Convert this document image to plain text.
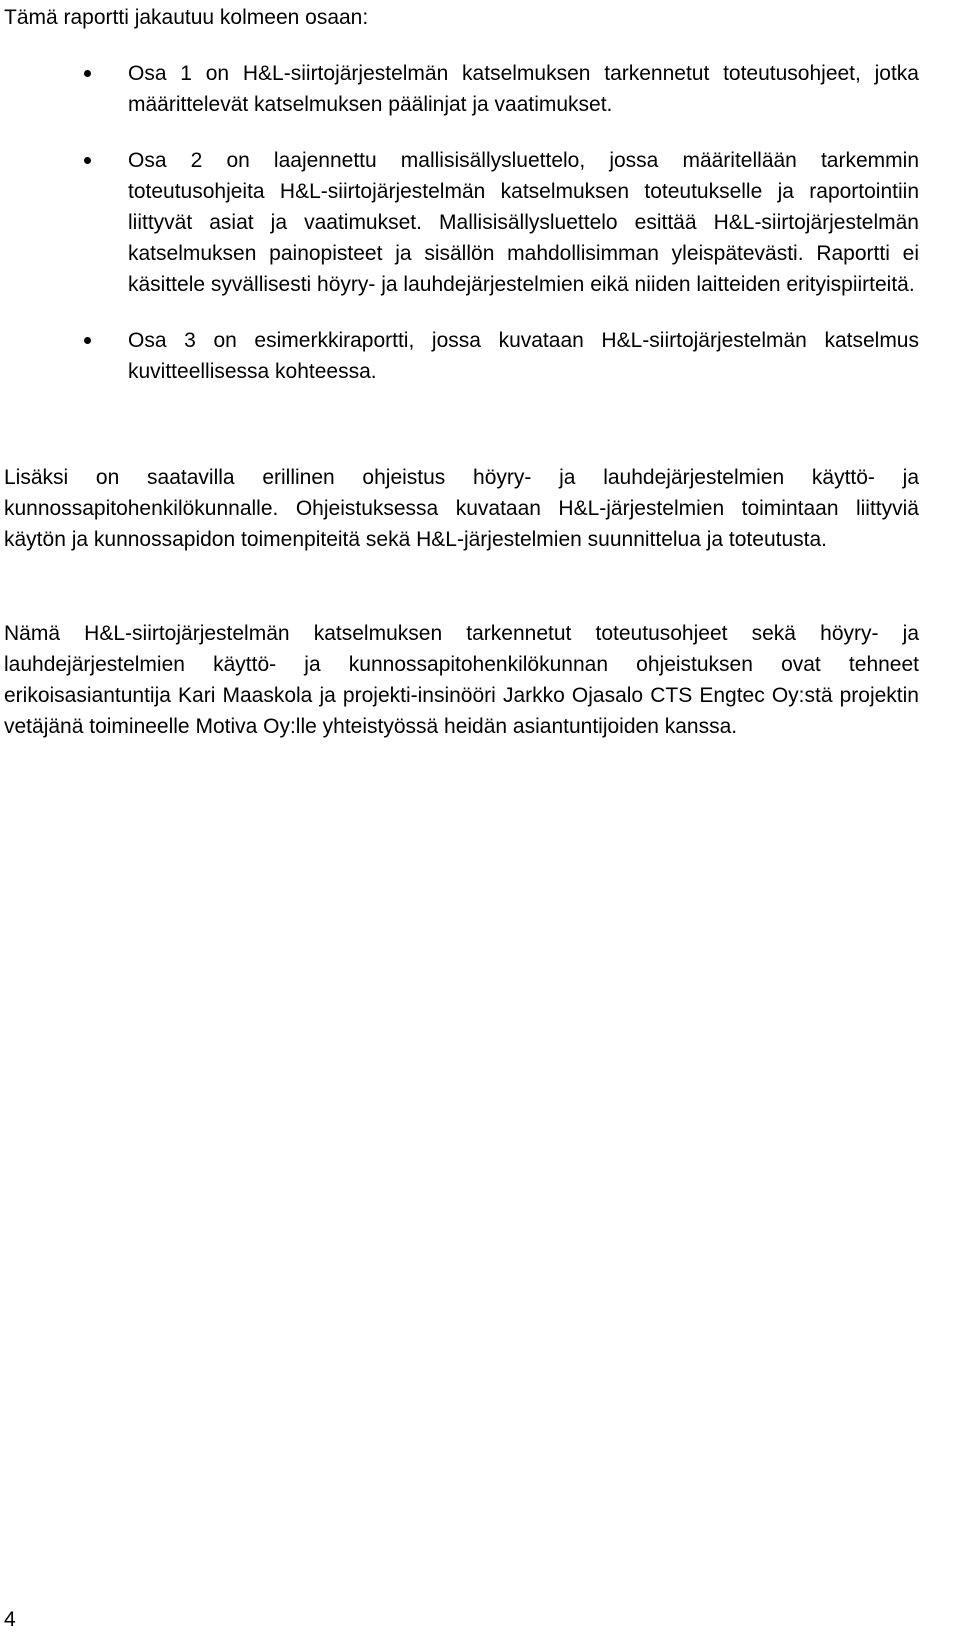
Tämä raportti jakautuu kolmeen osaan:
Osa 1 on H&L-siirtojärjestelmän katselmuksen tarkennetut toteutusohjeet, jotka määrittelevät katselmuksen päälinjat ja vaatimukset.
Osa 2 on laajennettu mallisisällysluettelo, jossa määritellään tarkemmin toteutusohjeita H&L-siirtojärjestelmän katselmuksen toteutukselle ja raportointiin liittyvät asiat ja vaatimukset. Mallisisällysluettelo esittää H&L-siirtojärjestelmän katselmuksen painopisteet ja sisällön mahdollisimman yleispätevästi. Raportti ei käsittele syvällisesti höyry- ja lauhdejärjestelmien eikä niiden laitteiden erityispiirteitä.
Osa 3 on esimerkkiraportti, jossa kuvataan H&L-siirtojärjestelmän katselmus kuvitteellisessa kohteessa.

Lisäksi on saatavilla erillinen ohjeistus höyry- ja lauhdejärjestelmien käyttö- ja kunnossapitohenkilökunnalle. Ohjeistuksessa kuvataan H&L-järjestelmien toimintaan liittyviä käytön ja kunnossapidon toimenpiteitä sekä H&L-järjestelmien suunnittelua ja toteutusta.

Nämä H&L-siirtojärjestelmän katselmuksen tarkennetut toteutusohjeet sekä höyry- ja lauhdejärjestelmien käyttö- ja kunnossapitohenkilökunnan ohjeistuksen ovat tehneet erikoisasiantuntija Kari Maaskola ja projekti-insinööri Jarkko Ojasalo CTS Engtec Oy:stä projektin vetäjänä toimineelle Motiva Oy:lle yhteistyössä heidän asiantuntijoiden kanssa.

4
